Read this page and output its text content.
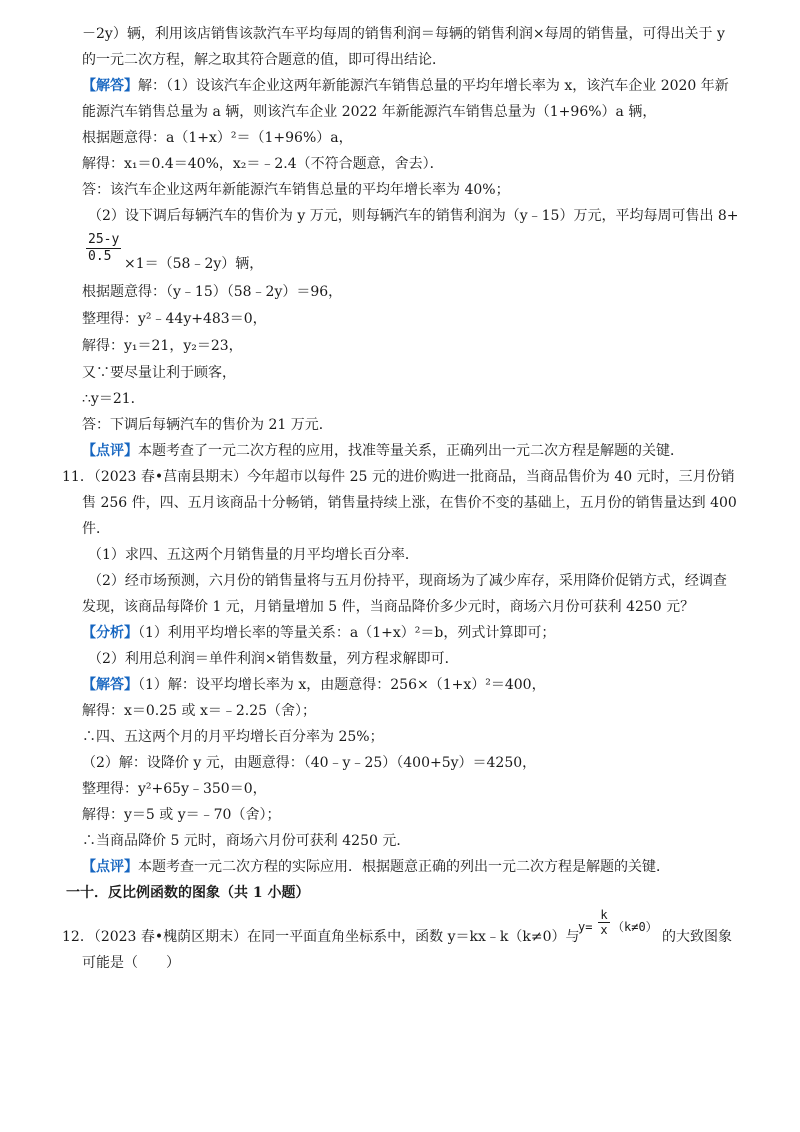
－2y）辆，利用该店销售该款汽车平均每周的销售利润＝每辆的销售利润×每周的销售量，可得出关于 y
的一元二次方程，解之取其符合题意的值，即可得出结论．
【解答】解：（1）设该汽车企业这两年新能源汽车销售总量的平均年增长率为 x，该汽车企业 2020 年新
能源汽车销售总量为 a 辆，则该汽车企业 2022 年新能源汽车销售总量为（1+96%）a 辆，
根据题意得：a（1+x）²＝（1+96%）a，
解得：x₁＝0.4＝40%，x₂＝﹣2.4（不符合题意，舍去）．
答：该汽车企业这两年新能源汽车销售总量的平均年增长率为 40%；
（2）设下调后每辆汽车的售价为 y 万元，则每辆汽车的销售利润为（y﹣15）万元，平均每周可售出 8+
$\frac{25-y}{0.5}$ ×1＝（58﹣2y）辆，
根据题意得：（y﹣15）（58﹣2y）＝96，
整理得：y²﹣44y+483＝0，
解得：y₁＝21，y₂＝23，
又∵要尽量让利于顾客，
∴y＝21．
答：下调后每辆汽车的售价为 21 万元．
【点评】本题考查了一元二次方程的应用，找准等量关系，正确列出一元二次方程是解题的关键．
11．（2023 春•莒南县期末）今年超市以每件 25 元的进价购进一批商品，当商品售价为 40 元时，三月份销
售 256 件，四、五月该商品十分畅销，销售量持续上涨，在售价不变的基础上，五月份的销售量达到 400
件．
（1）求四、五这两个月销售量的月平均增长百分率．
（2）经市场预测，六月份的销售量将与五月份持平，现商场为了减少库存，采用降价促销方式，经调查
发现，该商品每降价 1 元，月销量增加 5 件，当商品降价多少元时，商场六月份可获利 4250 元？
【分析】（1）利用平均增长率的等量关系：a（1+x）²＝b，列式计算即可；
（2）利用总利润＝单件利润×销售数量，列方程求解即可．
【解答】（1）解：设平均增长率为 x，由题意得：256×（1+x）²＝400，
解得：x＝0.25 或 x＝﹣2.25（舍）；
∴四、五这两个月的月平均增长百分率为 25%；
（2）解：设降价 y 元，由题意得：（40﹣y﹣25）（400+5y）＝4250，
整理得：y²+65y﹣350＝0，
解得：y＝5 或 y＝﹣70（舍）；
∴当商品降价 5 元时，商场六月份可获利 4250 元．
【点评】本题考查一元二次方程的实际应用．根据题意正确的列出一元二次方程是解题的关键．
一十．反比例函数的图象（共 1 小题）
12．（2023 春•槐荫区期末）在同一平面直角坐标系中，函数 y＝kx﹣k（k≠0）与
$y= \frac{k}{x} (k\ne 0)$
的大致图象
可能是（　　）
